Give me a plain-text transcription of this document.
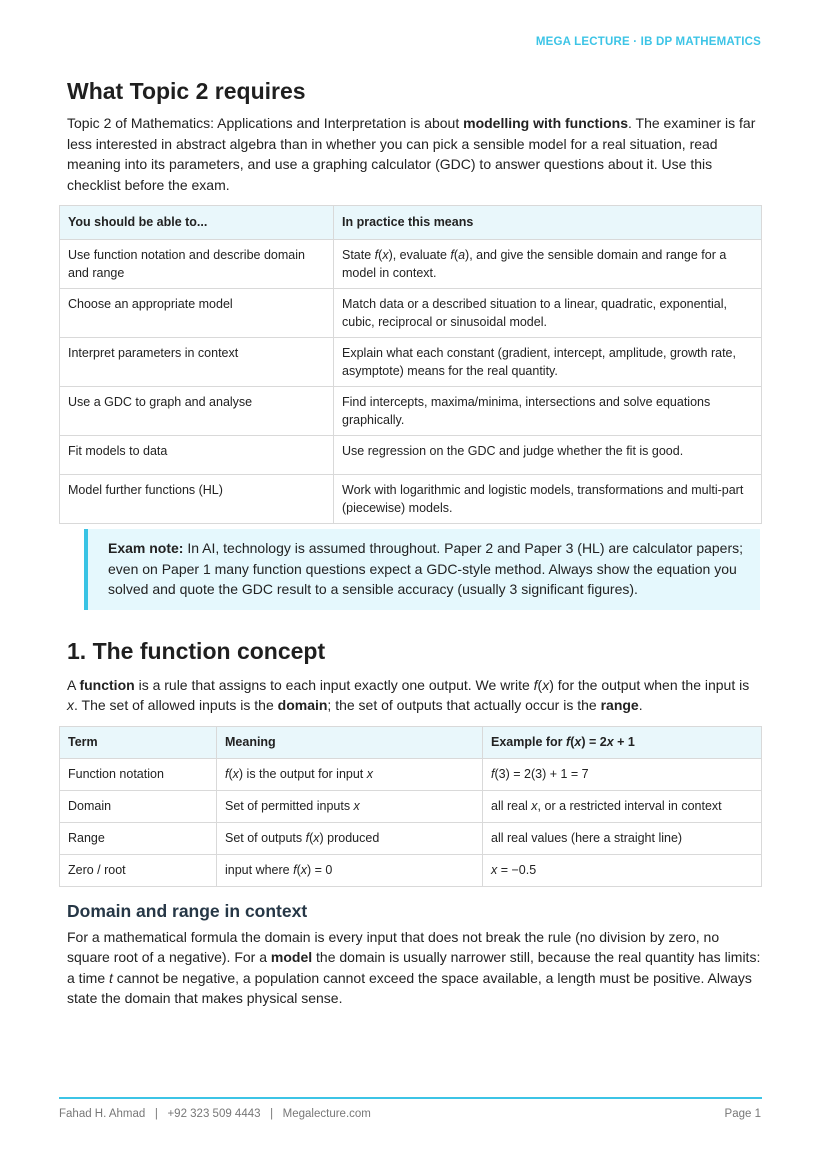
MEGA LECTURE · IB DP MATHEMATICS
What Topic 2 requires

Topic 2 of Mathematics: Applications and Interpretation is about modelling with functions. The examiner is far less interested in abstract algebra than in whether you can pick a sensible model for a real situation, read meaning into its parameters, and use a graphing calculator (GDC) to answer questions about it. Use this checklist before the exam.

You should be able to...	In practice this means
Use function notation and describe domain and range	State f(x), evaluate f(a), and give the sensible domain and range for a model in context.
Choose an appropriate model	Match data or a described situation to a linear, quadratic, exponential, cubic, reciprocal or sinusoidal model.
Interpret parameters in context	Explain what each constant (gradient, intercept, amplitude, growth rate, asymptote) means for the real quantity.
Use a GDC to graph and analyse	Find intercepts, maxima/minima, intersections and solve equations graphically.
Fit models to data	Use regression on the GDC and judge whether the fit is good.
Model further functions (HL)	Work with logarithmic and logistic models, transformations and multi-part (piecewise) models.
Exam note: In AI, technology is assumed throughout. Paper 2 and Paper 3 (HL) are calculator papers; even on Paper 1 many function questions expect a GDC-style method. Always show the equation you solved and quote the GDC result to a sensible accuracy (usually 3 significant figures).
1. The function concept

A function is a rule that assigns to each input exactly one output. We write f(x) for the output when the input is x. The set of allowed inputs is the domain; the set of outputs that actually occur is the range.

Term	Meaning	Example for f(x) = 2x + 1
Function notation	f(x) is the output for input x	f(3) = 2(3) + 1 = 7
Domain	Set of permitted inputs x	all real x, or a restricted interval in context
Range	Set of outputs f(x) produced	all real values (here a straight line)
Zero / root	input where f(x) = 0	x = −0.5
Domain and range in context

For a mathematical formula the domain is every input that does not break the rule (no division by zero, no square root of a negative). For a model the domain is usually narrower still, because the real quantity has limits: a time t cannot be negative, a population cannot exceed the space available, a length must be positive. Always state the domain that makes physical sense.

Fahad H. Ahmad   |   +92 323 509 4443   |   Megalecture.com	Page 1
